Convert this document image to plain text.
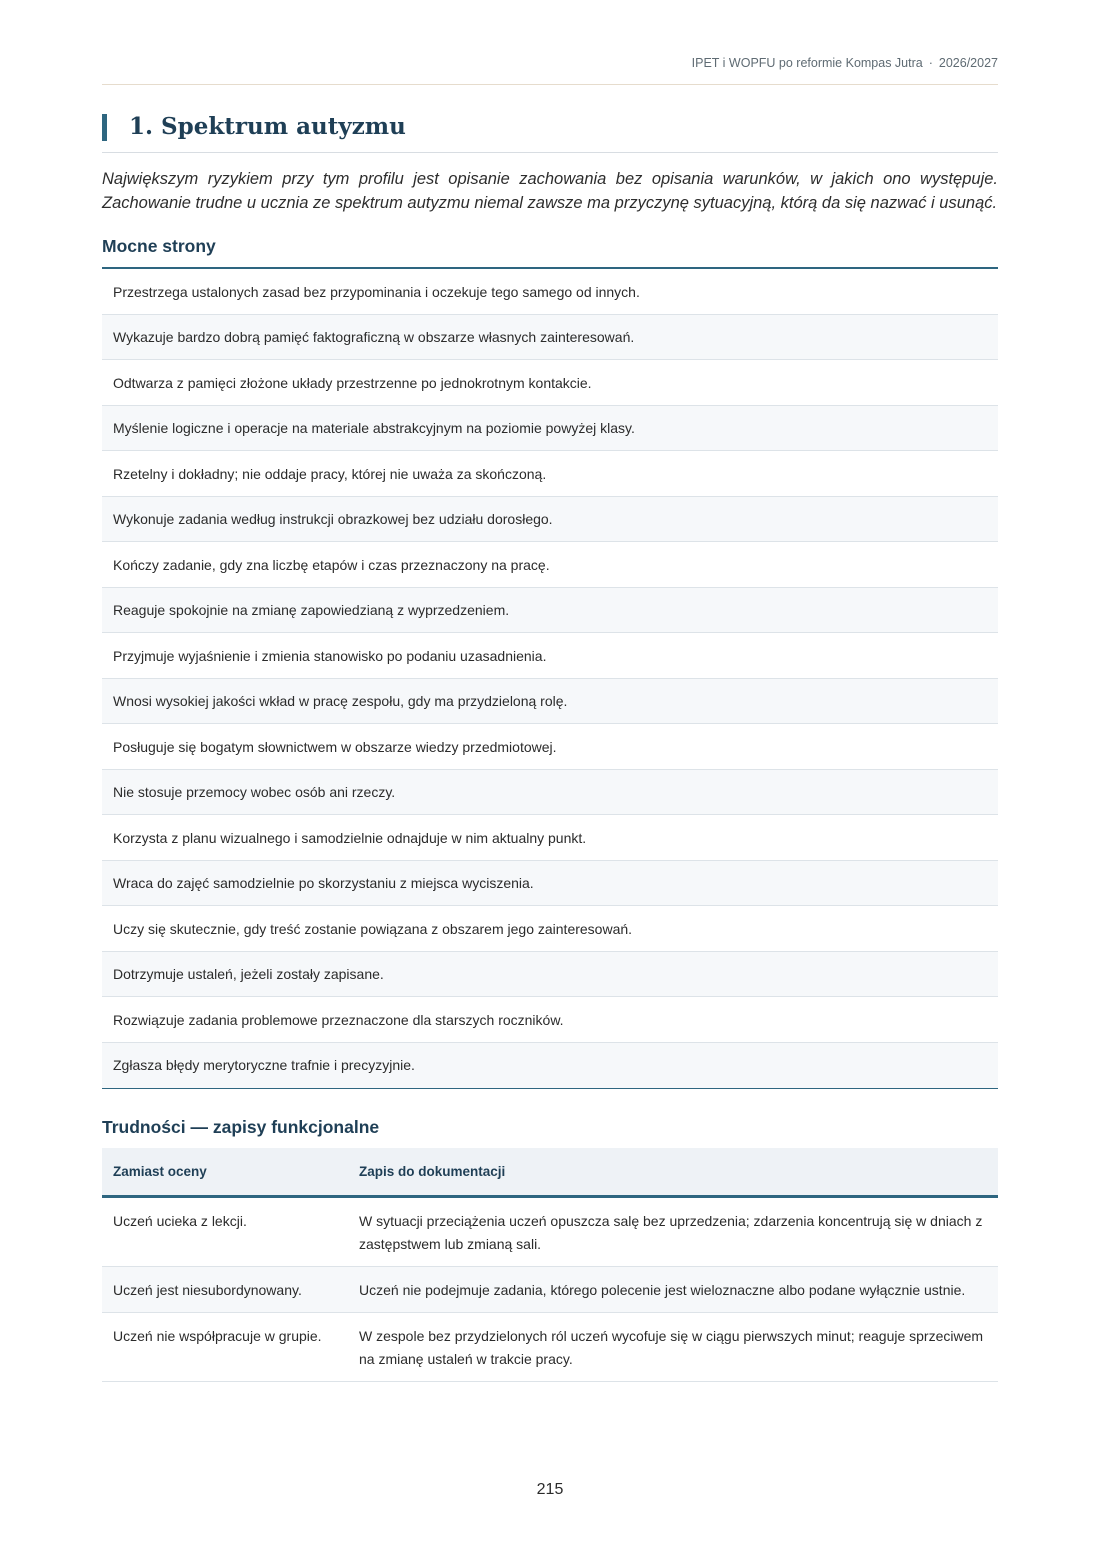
IPET i WOPFU po reformie Kompas Jutra · 2026/2027
1. Spektrum autyzmu

Największym ryzykiem przy tym profilu jest opisanie zachowania bez opisania warunków, w jakich ono występuje. Zachowanie trudne u ucznia ze spektrum autyzmu niemal zawsze ma przyczynę sytuacyjną, którą da się nazwać i usunąć.

Mocne strony
Przestrzega ustalonych zasad bez przypominania i oczekuje tego samego od innych.
Wykazuje bardzo dobrą pamięć faktograficzną w obszarze własnych zainteresowań.
Odtwarza z pamięci złożone układy przestrzenne po jednokrotnym kontakcie.
Myślenie logiczne i operacje na materiale abstrakcyjnym na poziomie powyżej klasy.
Rzetelny i dokładny; nie oddaje pracy, której nie uważa za skończoną.
Wykonuje zadania według instrukcji obrazkowej bez udziału dorosłego.
Kończy zadanie, gdy zna liczbę etapów i czas przeznaczony na pracę.
Reaguje spokojnie na zmianę zapowiedzianą z wyprzedzeniem.
Przyjmuje wyjaśnienie i zmienia stanowisko po podaniu uzasadnienia.
Wnosi wysokiej jakości wkład w pracę zespołu, gdy ma przydzieloną rolę.
Posługuje się bogatym słownictwem w obszarze wiedzy przedmiotowej.
Nie stosuje przemocy wobec osób ani rzeczy.
Korzysta z planu wizualnego i samodzielnie odnajduje w nim aktualny punkt.
Wraca do zajęć samodzielnie po skorzystaniu z miejsca wyciszenia.
Uczy się skutecznie, gdy treść zostanie powiązana z obszarem jego zainteresowań.
Dotrzymuje ustaleń, jeżeli zostały zapisane.
Rozwiązuje zadania problemowe przeznaczone dla starszych roczników.
Zgłasza błędy merytoryczne trafnie i precyzyjnie.
Trudności — zapisy funkcjonalne
Zamiast oceny	Zapis do dokumentacji
Uczeń ucieka z lekcji.	W sytuacji przeciążenia uczeń opuszcza salę bez uprzedzenia; zdarzenia koncentrują się w dniach z zastępstwem lub zmianą sali.
Uczeń jest niesubordynowany.	Uczeń nie podejmuje zadania, którego polecenie jest wieloznaczne albo podane wyłącznie ustnie.
Uczeń nie współpracuje w grupie.	W zespole bez przydzielonych ról uczeń wycofuje się w ciągu pierwszych minut; reaguje sprzeciwem na zmianę ustaleń w trakcie pracy.
215
